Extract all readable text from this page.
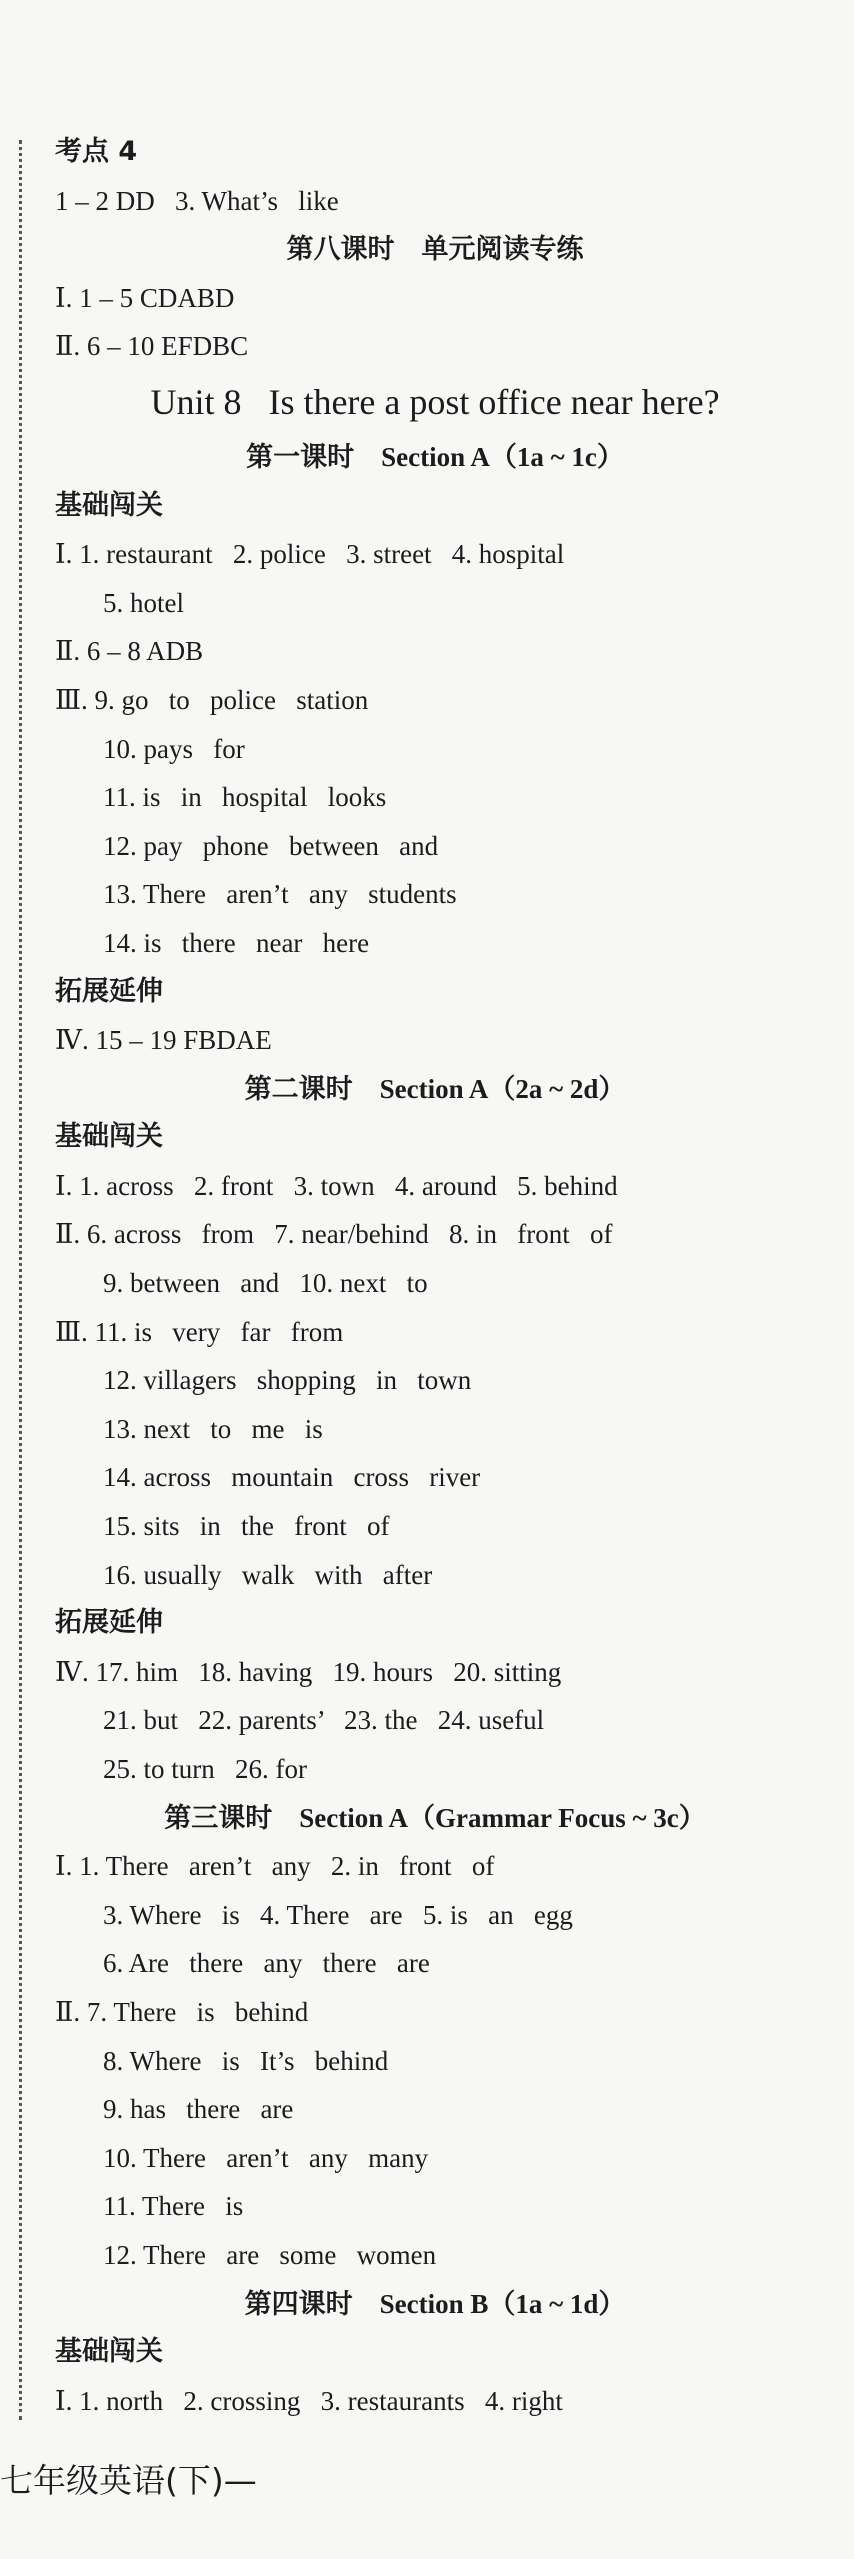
考点 4
1 – 2 DD   3. What’s   like
第八课时　单元阅读专练
Ⅰ. 1 – 5 CDABD
Ⅱ. 6 – 10 EFDBC
Unit 8   Is there a post office near here?
第一课时　Section A（1a ~ 1c）
基础闯关
Ⅰ. 1. restaurant   2. police   3. street   4. hospital
5. hotel
Ⅱ. 6 – 8 ADB
Ⅲ. 9. go   to   police   station
10. pays   for
11. is   in   hospital   looks
12. pay   phone   between   and
13. There   aren’t   any   students
14. is   there   near   here
拓展延伸
Ⅳ. 15 – 19 FBDAE
第二课时　Section A（2a ~ 2d）
基础闯关
Ⅰ. 1. across   2. front   3. town   4. around   5. behind
Ⅱ. 6. across   from   7. near/behind   8. in   front   of
9. between   and   10. next   to
Ⅲ. 11. is   very   far   from
12. villagers   shopping   in   town
13. next   to   me   is
14. across   mountain   cross   river
15. sits   in   the   front   of
16. usually   walk   with   after
拓展延伸
Ⅳ. 17. him   18. having   19. hours   20. sitting
21. but   22. parents’   23. the   24. useful
25. to turn   26. for
第三课时　Section A（Grammar Focus ~ 3c）
Ⅰ. 1. There   aren’t   any   2. in   front   of
3. Where   is   4. There   are   5. is   an   egg
6. Are   there   any   there   are
Ⅱ. 7. There   is   behind
8. Where   is   It’s   behind
9. has   there   are
10. There   aren’t   any   many
11. There   is
12. There   are   some   women
第四课时　Section B（1a ~ 1d）
基础闯关
Ⅰ. 1. north   2. crossing   3. restaurants   4. right
七年级英语(下)—
